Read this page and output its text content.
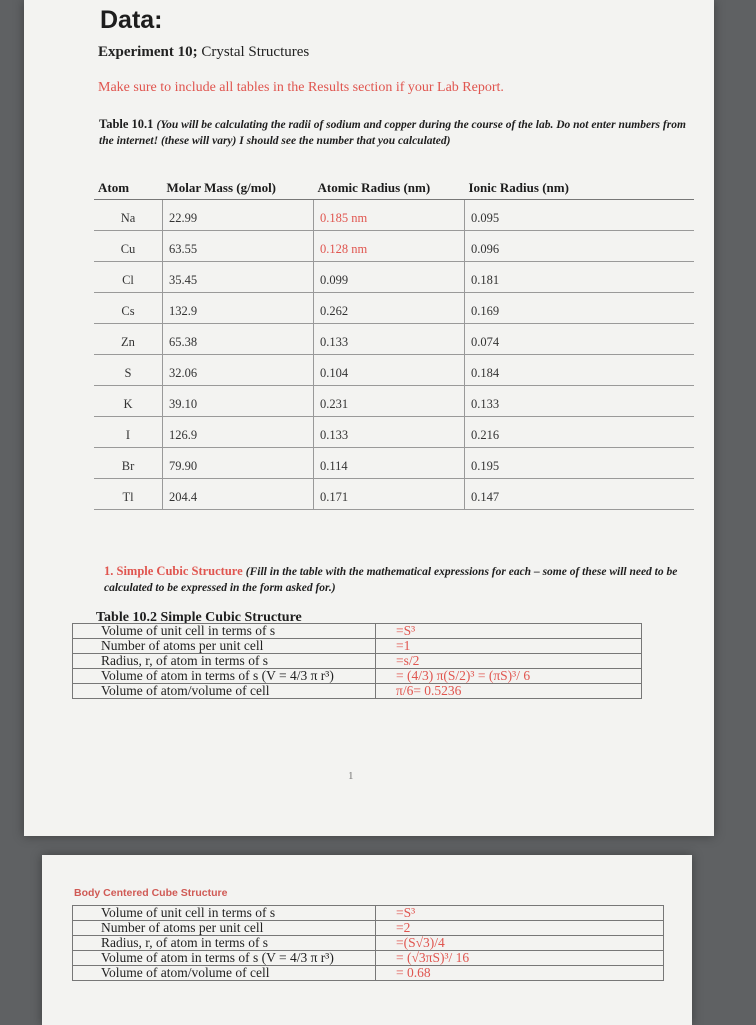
Data:
Experiment 10; Crystal Structures
Make sure to include all tables in the Results section if your Lab Report.
Table 10.1 (You will be calculating the radii of sodium and copper during the course of the lab. Do not enter numbers from the internet! (these will vary) I should see the number that you calculated)
Atom	Molar Mass (g/mol)	Atomic Radius (nm)	Ionic Radius (nm)
Na	22.99	0.185 nm	0.095
Cu	63.55	0.128 nm	0.096
Cl	35.45	0.099	0.181
Cs	132.9	0.262	0.169
Zn	65.38	0.133	0.074
S	32.06	0.104	0.184
K	39.10	0.231	0.133
I	126.9	0.133	0.216
Br	79.90	0.114	0.195
Tl	204.4	0.171	0.147
1. Simple Cubic Structure (Fill in the table with the mathematical expressions for each – some of these will need to be calculated to be expressed in the form asked for.)
Table 10.2 Simple Cubic Structure
Volume of unit cell in terms of s	=S³
Number of atoms per unit cell	=1
Radius, r, of atom in terms of s	=s/2
Volume of atom in terms of s (V = 4/3 π r³)	= (4/3) π(S/2)³ = (πS)³/ 6
Volume of atom/volume of cell	π/6= 0.5236
1
Body Centered Cube Structure
Volume of unit cell in terms of s	=S³
Number of atoms per unit cell	=2
Radius, r, of atom in terms of s	=(S√3)/4
Volume of atom in terms of s (V = 4/3 π r³)	= (√3πS)³/ 16
Volume of atom/volume of cell	= 0.68
